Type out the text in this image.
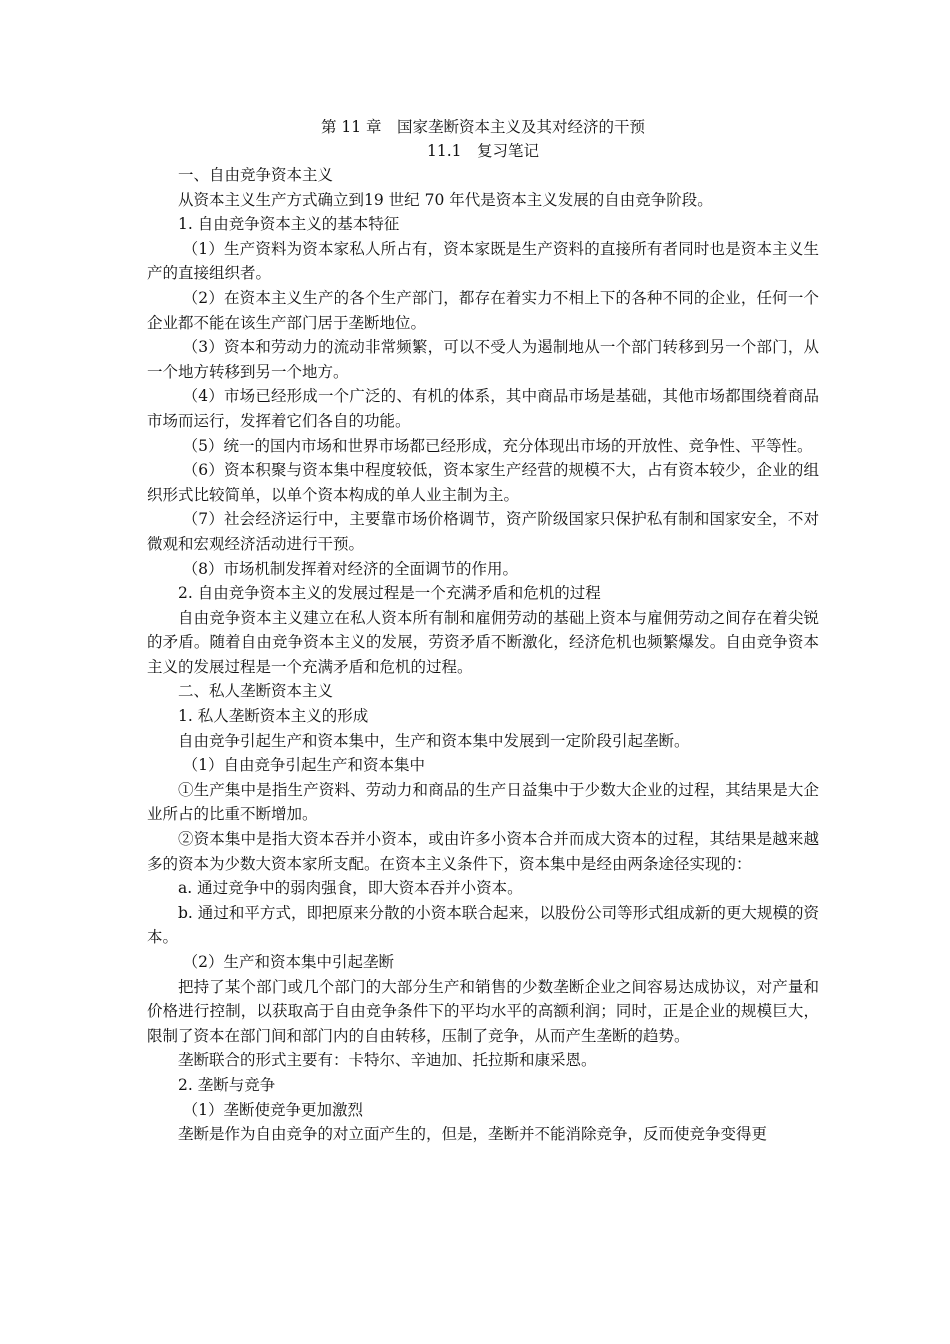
第 11 章　国家垄断资本主义及其对经济的干预
11.1　复习笔记

一、自由竞争资本主义

从资本主义生产方式确立到19 世纪 70 年代是资本主义发展的自由竞争阶段。

1. 自由竞争资本主义的基本特征

（1）生产资料为资本家私人所占有，资本家既是生产资料的直接所有者同时也是资本主义生产的直接组织者。

（2）在资本主义生产的各个生产部门，都存在着实力不相上下的各种不同的企业，任何一个企业都不能在该生产部门居于垄断地位。

（3）资本和劳动力的流动非常频繁，可以不受人为遏制地从一个部门转移到另一个部门，从一个地方转移到另一个地方。

（4）市场已经形成一个广泛的、有机的体系，其中商品市场是基础，其他市场都围绕着商品市场而运行，发挥着它们各自的功能。

（5）统一的国内市场和世界市场都已经形成，充分体现出市场的开放性、竞争性、平等性。

（6）资本积聚与资本集中程度较低，资本家生产经营的规模不大，占有资本较少，企业的组织形式比较简单，以单个资本构成的单人业主制为主。

（7）社会经济运行中，主要靠市场价格调节，资产阶级国家只保护私有制和国家安全，不对微观和宏观经济活动进行干预。

（8）市场机制发挥着对经济的全面调节的作用。

2. 自由竞争资本主义的发展过程是一个充满矛盾和危机的过程

自由竞争资本主义建立在私人资本所有制和雇佣劳动的基础上资本与雇佣劳动之间存在着尖锐的矛盾。随着自由竞争资本主义的发展，劳资矛盾不断激化，经济危机也频繁爆发。自由竞争资本主义的发展过程是一个充满矛盾和危机的过程。

二、私人垄断资本主义

1. 私人垄断资本主义的形成

自由竞争引起生产和资本集中，生产和资本集中发展到一定阶段引起垄断。

（1）自由竞争引起生产和资本集中

①生产集中是指生产资料、劳动力和商品的生产日益集中于少数大企业的过程，其结果是大企业所占的比重不断增加。

②资本集中是指大资本吞并小资本，或由许多小资本合并而成大资本的过程，其结果是越来越多的资本为少数大资本家所支配。在资本主义条件下，资本集中是经由两条途径实现的：

a. 通过竞争中的弱肉强食，即大资本吞并小资本。

b. 通过和平方式，即把原来分散的小资本联合起来，以股份公司等形式组成新的更大规模的资本。

（2）生产和资本集中引起垄断

把持了某个部门或几个部门的大部分生产和销售的少数垄断企业之间容易达成协议，对产量和价格进行控制，以获取高于自由竞争条件下的平均水平的高额利润；同时，正是企业的规模巨大，限制了资本在部门间和部门内的自由转移，压制了竞争，从而产生垄断的趋势。

垄断联合的形式主要有：卡特尔、辛迪加、托拉斯和康采恩。

2. 垄断与竞争

（1）垄断使竞争更加激烈

垄断是作为自由竞争的对立面产生的，但是，垄断并不能消除竞争，反而使竞争变得更
